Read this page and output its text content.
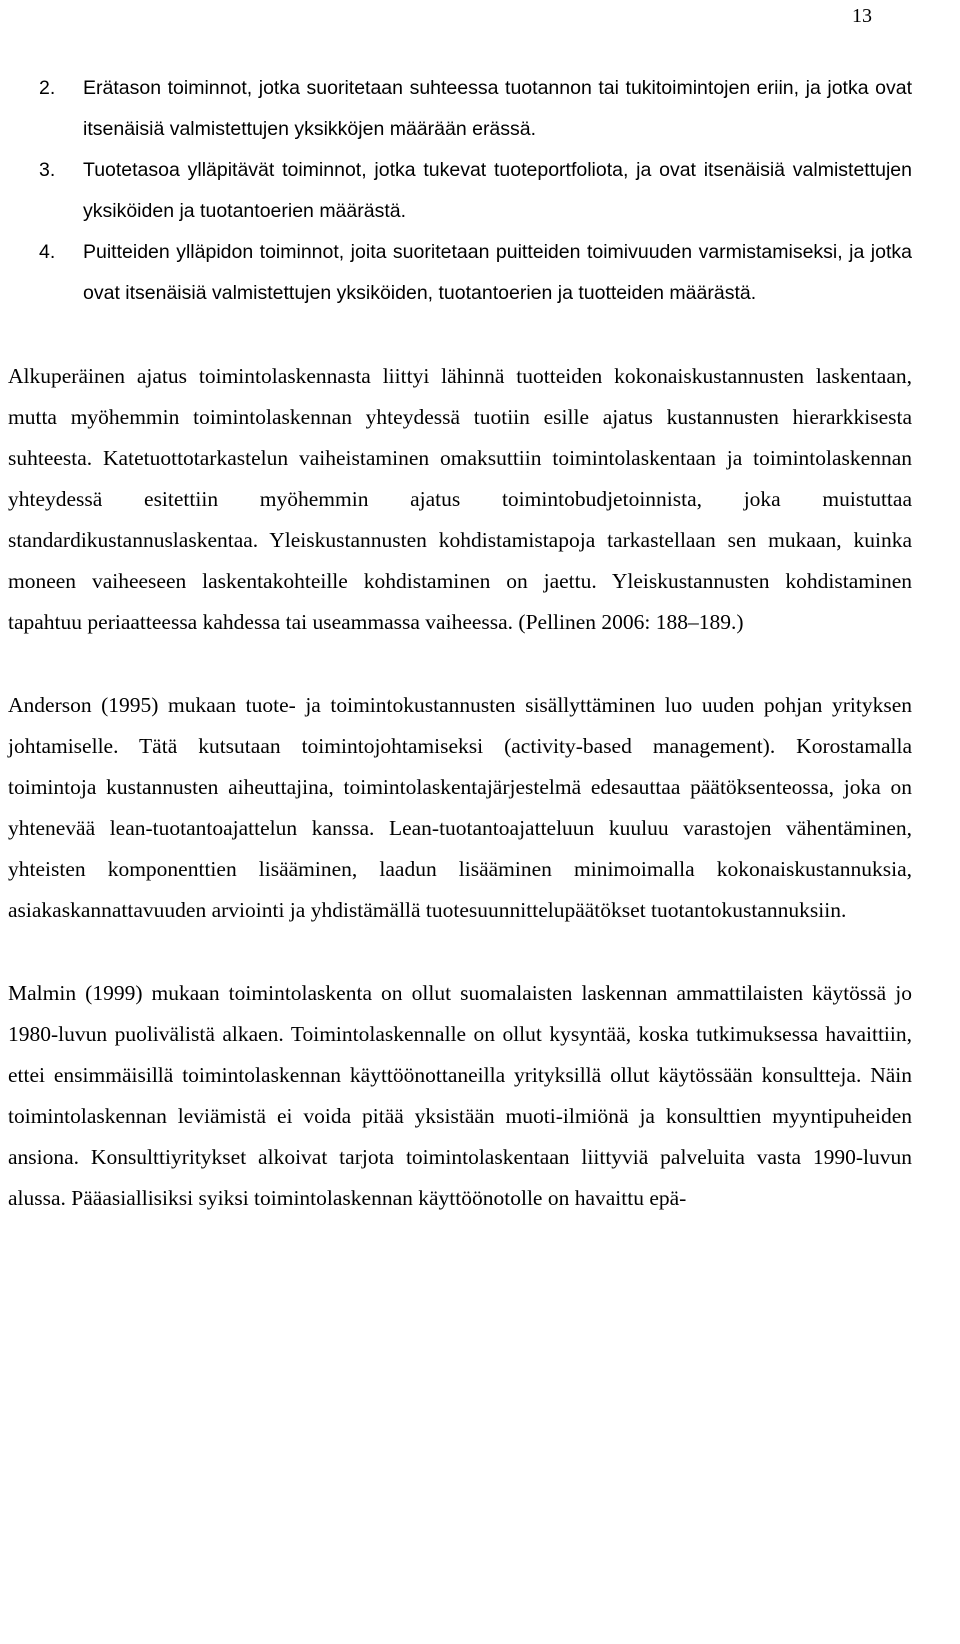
13
2. Erätason toiminnot, jotka suoritetaan suhteessa tuotannon tai tukitoimintojen eriin, ja jotka ovat itsenäisiä valmistettujen yksikköjen määrään erässä.
3. Tuotetasoa ylläpitävät toiminnot, jotka tukevat tuoteportfoliota, ja ovat itsenäisiä valmistettujen yksiköiden ja tuotantoerien määrästä.
4. Puitteiden ylläpidon toiminnot, joita suoritetaan puitteiden toimivuuden varmistamiseksi, ja jotka ovat itsenäisiä valmistettujen yksiköiden, tuotantoerien ja tuotteiden määrästä.

Alkuperäinen ajatus toimintolaskennasta liittyi lähinnä tuotteiden kokonaiskustannusten laskentaan, mutta myöhemmin toimintolaskennan yhteydessä tuotiin esille ajatus kustannusten hierarkkisesta suhteesta. Katetuottotarkastelun vaiheistaminen omaksuttiin toimintolaskentaan ja toimintolaskennan yhteydessä esitettiin myöhemmin ajatus toimintobudjetoinnista, joka muistuttaa standardikustannuslaskentaa. Yleiskustannusten kohdistamistapoja tarkastellaan sen mukaan, kuinka moneen vaiheeseen laskentakohteille kohdistaminen on jaettu. Yleiskustannusten kohdistaminen tapahtuu periaatteessa kahdessa tai useammassa vaiheessa. (Pellinen 2006: 188–189.)

Anderson (1995) mukaan tuote- ja toimintokustannusten sisällyttäminen luo uuden pohjan yrityksen johtamiselle. Tätä kutsutaan toimintojohtamiseksi (activity-based management). Korostamalla toimintoja kustannusten aiheuttajina, toimintolaskentajärjestelmä edesauttaa päätöksenteossa, joka on yhtenevää lean-tuotantoajattelun kanssa. Lean-tuotantoajatteluun kuuluu varastojen vähentäminen, yhteisten komponenttien lisääminen, laadun lisääminen minimoimalla kokonaiskustannuksia, asiakaskannattavuuden arviointi ja yhdistämällä tuotesuunnittelupäätökset tuotantokustannuksiin.

Malmin (1999) mukaan toimintolaskenta on ollut suomalaisten laskennan ammattilaisten käytössä jo 1980-luvun puolivälistä alkaen. Toimintolaskennalle on ollut kysyntää, koska tutkimuksessa havaittiin, ettei ensimmäisillä toimintolaskennan käyttöönottaneilla yrityksillä ollut käytössään konsultteja. Näin toimintolaskennan leviämistä ei voida pitää yksistään muoti-ilmiönä ja konsulttien myyntipuheiden ansiona. Konsulttiyritykset alkoivat tarjota toimintolaskentaan liittyviä palveluita vasta 1990-luvun alussa. Pääasiallisiksi syiksi toimintolaskennan käyttöönotolle on havaittu epä-
